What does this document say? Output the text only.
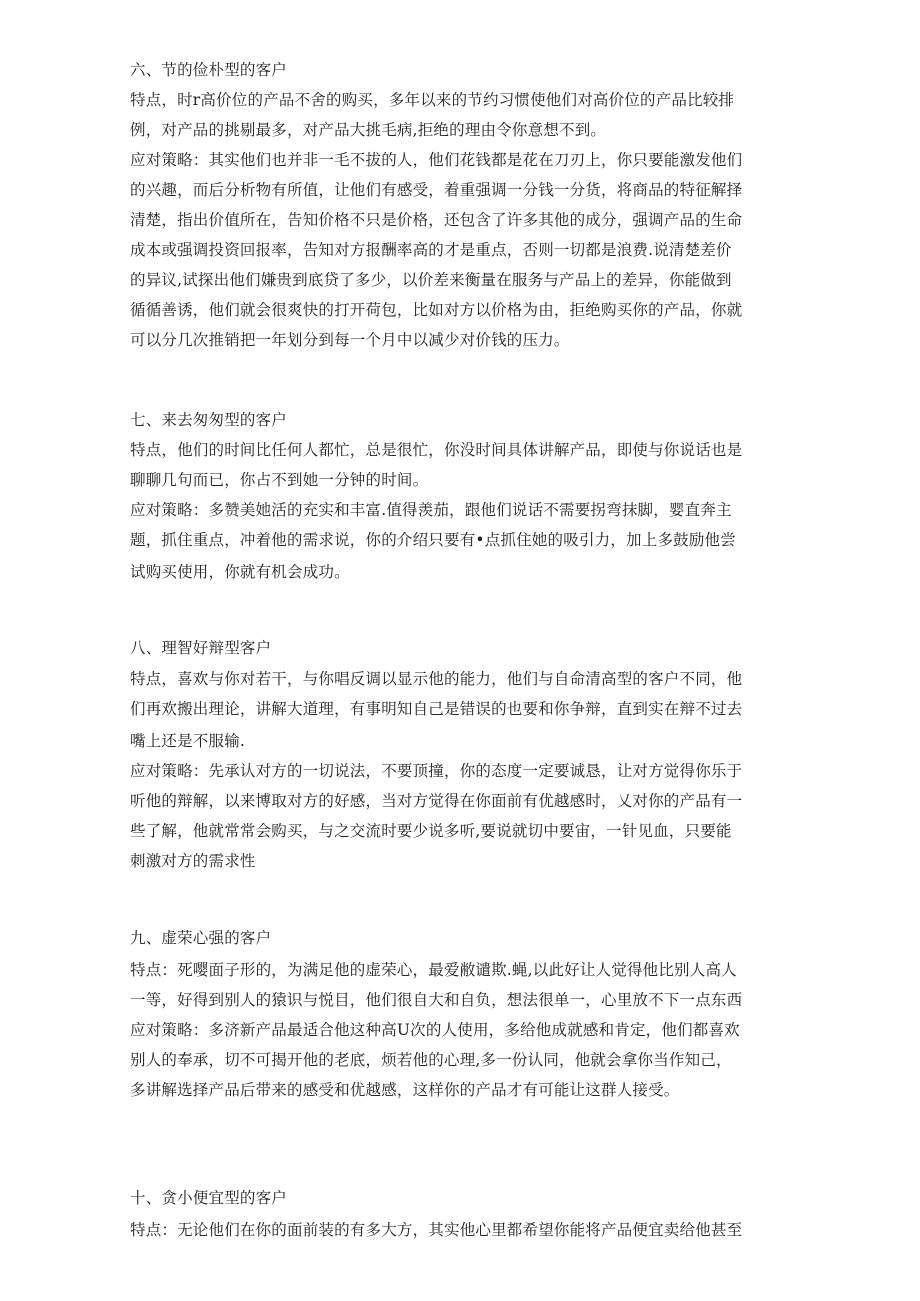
六、节的俭朴型的客户
特点，时r高价位的产品不舍的购买，多年以来的节约习惯使他们对高价位的产品比较排
例，对产品的挑剔最多，对产品大挑毛病,拒绝的理由令你意想不到。
应对策略：其实他们也并非一毛不拔的人，他们花钱都是花在刀刃上，你只要能激发他们
的兴趣，而后分析物有所值，让他们有感受，着重强调一分钱一分货，将商品的特征解择
清楚，指出价值所在，告知价格不只是价格，还包含了许多其他的成分，强调产品的生命
成本或强调投资回报率，告知对方报酬率高的才是重点，否则一切都是浪费.说清楚差价
的异议,试探出他们嫌贵到底贷了多少，以价差来衡量在服务与产品上的差异，你能做到
循循善诱，他们就会很爽快的打开荷包，比如对方以价格为由，拒绝购买你的产品，你就
可以分几次推销把一年划分到每一个月中以减少对价钱的压力。
七、来去匆匆型的客户
特点，他们的时间比任何人都忙，总是很忙，你没时间具体讲解产品，即使与你说话也是
聊聊几句而已，你占不到她一分钟的时间。
应对策略：多赞美她活的充实和丰富.值得羡茄，跟他们说话不需要拐弯抹脚，婴直奔主
题，抓住重点，冲着他的需求说，你的介绍只要有•点抓住她的吸引力，加上多鼓励他尝
试购买使用，你就有机会成功。
八、理智好辩型客户
特点，喜欢与你对若干，与你唱反调以显示他的能力，他们与自命清高型的客户不同，他
们再欢搬出理论，讲解大道理，有事明知自己是错误的也要和你争辩，直到实在辩不过去
嘴上还是不服输.
应对策略：先承认对方的一切说法，不要顶撞，你的态度一定要诚恳，让对方觉得你乐于
听他的辩解，以来博取对方的好感，当对方觉得在你面前有优越感时，乂对你的产品有一
些了解，他就常常会购买，与之交流时要少说多听,要说就切中要宙，一针见血，只要能
刺激对方的需求性
九、虚荣心强的客户
特点：死嘤面子形的，为满足他的虚荣心，最爱敝谴欺.蝇,以此好让人觉得他比别人高人
一等，好得到别人的猿识与悦目，他们很自大和自负，想法很单一，心里放不下一点东西
应对策略：多济新产品最适合他这种高U次的人使用，多给他成就感和肯定，他们都喜欢
别人的奉承，切不可揭开他的老底，烦若他的心理,多一份认同，他就会拿你当作知己，
多讲解选择产品后带来的感受和优越感，这样你的产品才有可能让这群人接受。
十、贪小便宜型的客户
特点：无论他们在你的面前装的有多大方，其实他心里都希望你能将产品便宜卖给他甚至
